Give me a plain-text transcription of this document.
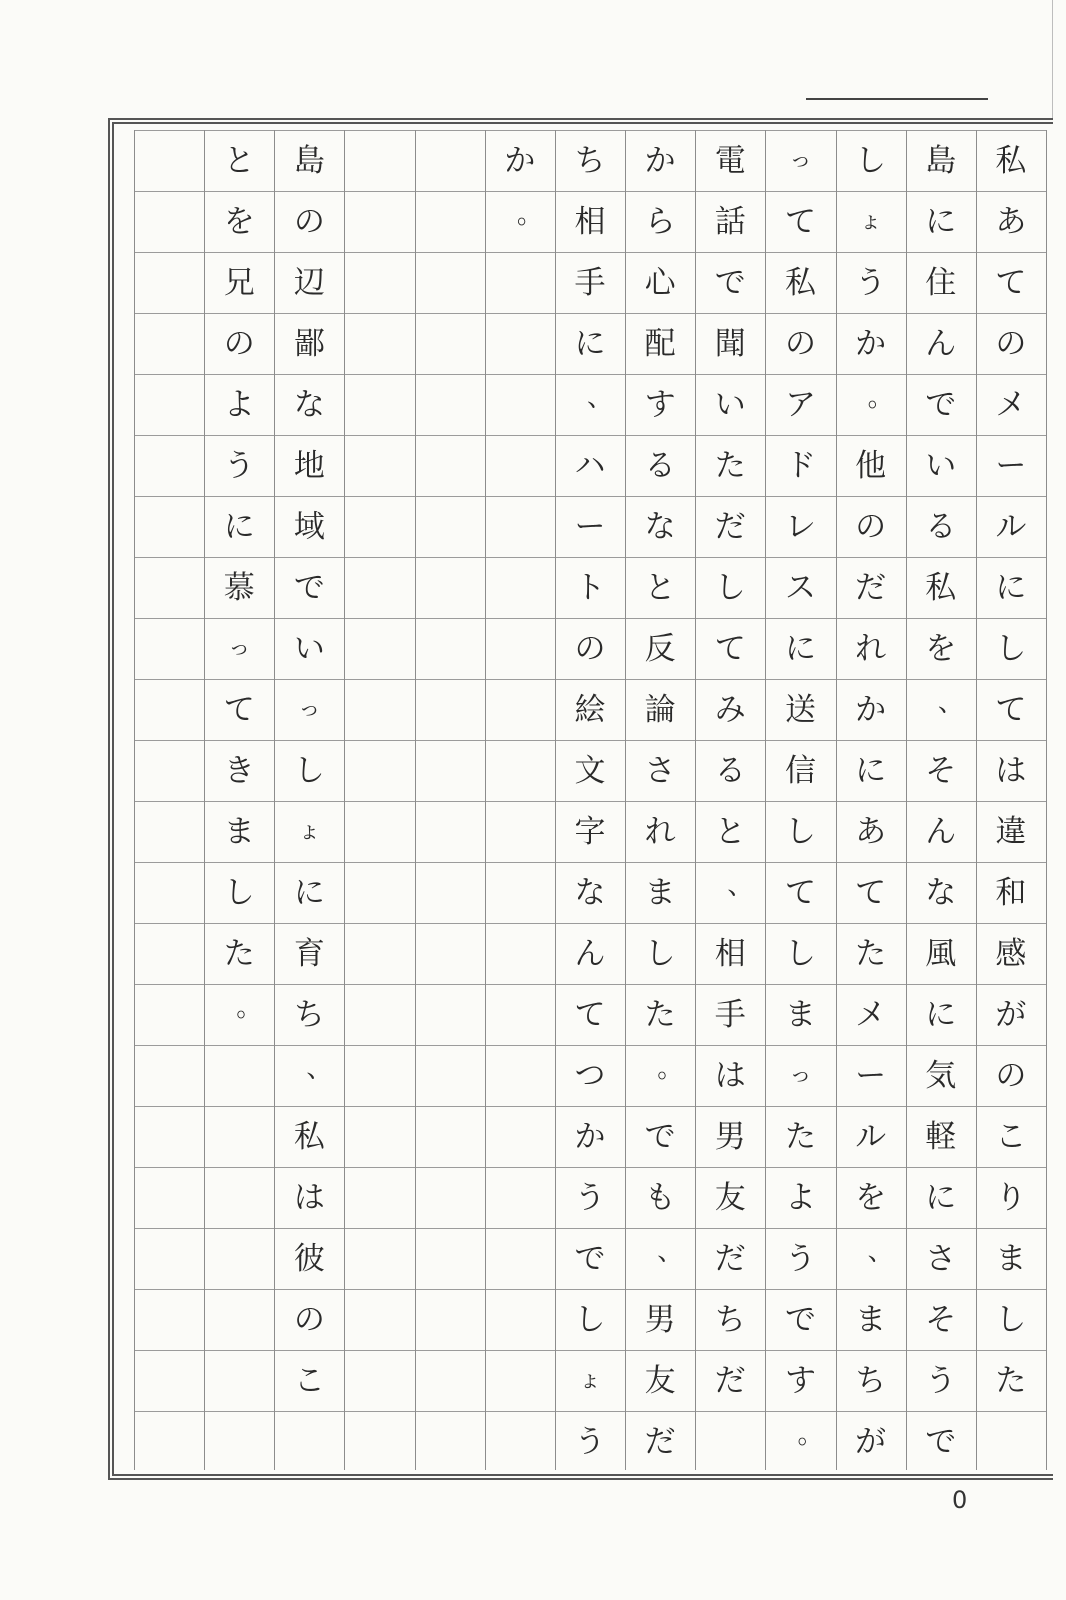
私
あ
て
の
メ
ー
ル
に
し
て
は
違
和
感
が
の
こ
り
ま
し
た
島
に
住
ん
で
い
る
私
を
、
そ
ん
な
風
に
気
軽
に
さ
そ
う
で
し
ょ
う
か
。
他
の
だ
れ
か
に
あ
て
た
メ
ー
ル
を
、
ま
ち
が
っ
て
私
の
ア
ド
レ
ス
に
送
信
し
て
し
ま
っ
た
よ
う
で
す
。
電
話
で
聞
い
た
だ
し
て
み
る
と
、
相
手
は
男
友
だ
ち
だ
か
ら
心
配
す
る
な
と
反
論
さ
れ
ま
し
た
。
で
も
、
男
友
だ
ち
相
手
に
、
ハ
ー
ト
の
絵
文
字
な
ん
て
つ
か
う
で
し
ょ
う
か
。
島
の
辺
鄙
な
地
域
で
い
っ
し
ょ
に
育
ち
、
私
は
彼
の
こ
と
を
兄
の
よ
う
に
慕
っ
て
き
ま
し
た
。
0
